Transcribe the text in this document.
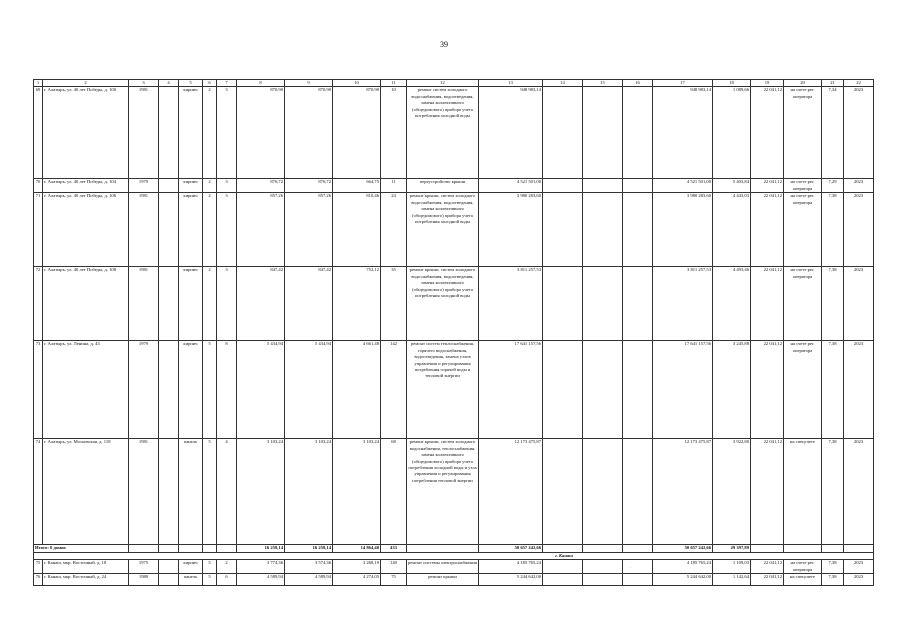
39
1	2	3	4	5	6	7	8	9	10	11	12	13	14	15	16	17	18	19	20	21	22
69	г. Алатырь, ул. 40 лет Победы, д. 100	1981		кирпич	2	3	870,90	870,90	870,90	10	ремонт систем холодного водоснабжения, водоотведения, замена коллективного (общедомового) прибора учета потребления холодной воды	948 983,14				948 983,14	1 089,66	22 041,12	на счете рег. оператора	7,34	2023
70	г. Алатырь, ул. 40 лет Победы, д. 104	1979		кирпич	2	3	876,72	876,72	664,75	11	переустройство крыши	4 521 501,00				4 521 501,00	5 403,84	22 041,12	на счете рег. оператора	7,29	2023
71	г. Алатырь, ул. 40 лет Победы, д. 106	1981		кирпич	2	3	857,26	857,26	810,46	24	ремонт крыши, систем холодного водоснабжения, водоотведения, замена коллективного (общедомового) прибора учета потребления холодной воды	3 980 283,60				3 980 283,60	4 443,03	22 041,12	на счете рег. оператора	7,38	2023
72	г. Алатырь, ул. 40 лет Победы, д. 108	1981		кирпич	2	3	847,42	847,42	752,12	35	ремонт крыши, систем холодного водоснабжения, водоотведения, замена коллективного (общедомового) прибора учета потребления холодной воды	3 811 257,53				3 811 257,53	4 493,46	22 041,12	на счете рег. оператора	7,38	2023
73	г. Алатырь, ул. Ленина, д. 43	1979		кирпич	5	8	5 434,94	5 434,94	4 661,48	142	ремонт систем теплоснабжения, горячего водоснабжения, водоотведения, замена узлов управления и регулирования потребления горячей воды и тепловой энергии	17 641 157,56				17 641 157,56	3 245,88	22 041,12	на счете рег. оператора	7,38	2023
74	г. Алатырь, ул. Московская, д. 118	1981		панель	5	4	3 103,24	3 103,24	3 103,24	68	ремонт крыши, систем холодного водоснабжения, теплоснабжения, замена коллективного (общедомового) прибора учета потребления холодной воды и узла управления и регулирования потребления тепловой энергии	12 173 475,87				12 173 475,87	3 922,80	22 041,12	на спецсчете	7,38	2023
Итого: 6 домов							16 258,14	16 258,14	14 864,40	433		50 657 242,66				50 657 242,66	29 397,89				
г. Канаш																					
75	г. Канаш, мкр. Восточный, д. 18	1975		кирпич	5	2	3 774,36	3 574,36	3 268,19	140	ремонт системы электроснабжения	4 185 765,24				4 185 765,24	1 109,03	22 041,12	на счете рег. оператора	7,38	2023
76	г. Канаш, мкр. Восточный, д. 24	1980		панель	5	6	4 589,94	4 589,94	4 274,05	75	ремонт крыши	5 244 642,00				5 244 642,00	1 142,64	22 041,12	на спецсчете	7,38	2023
·
